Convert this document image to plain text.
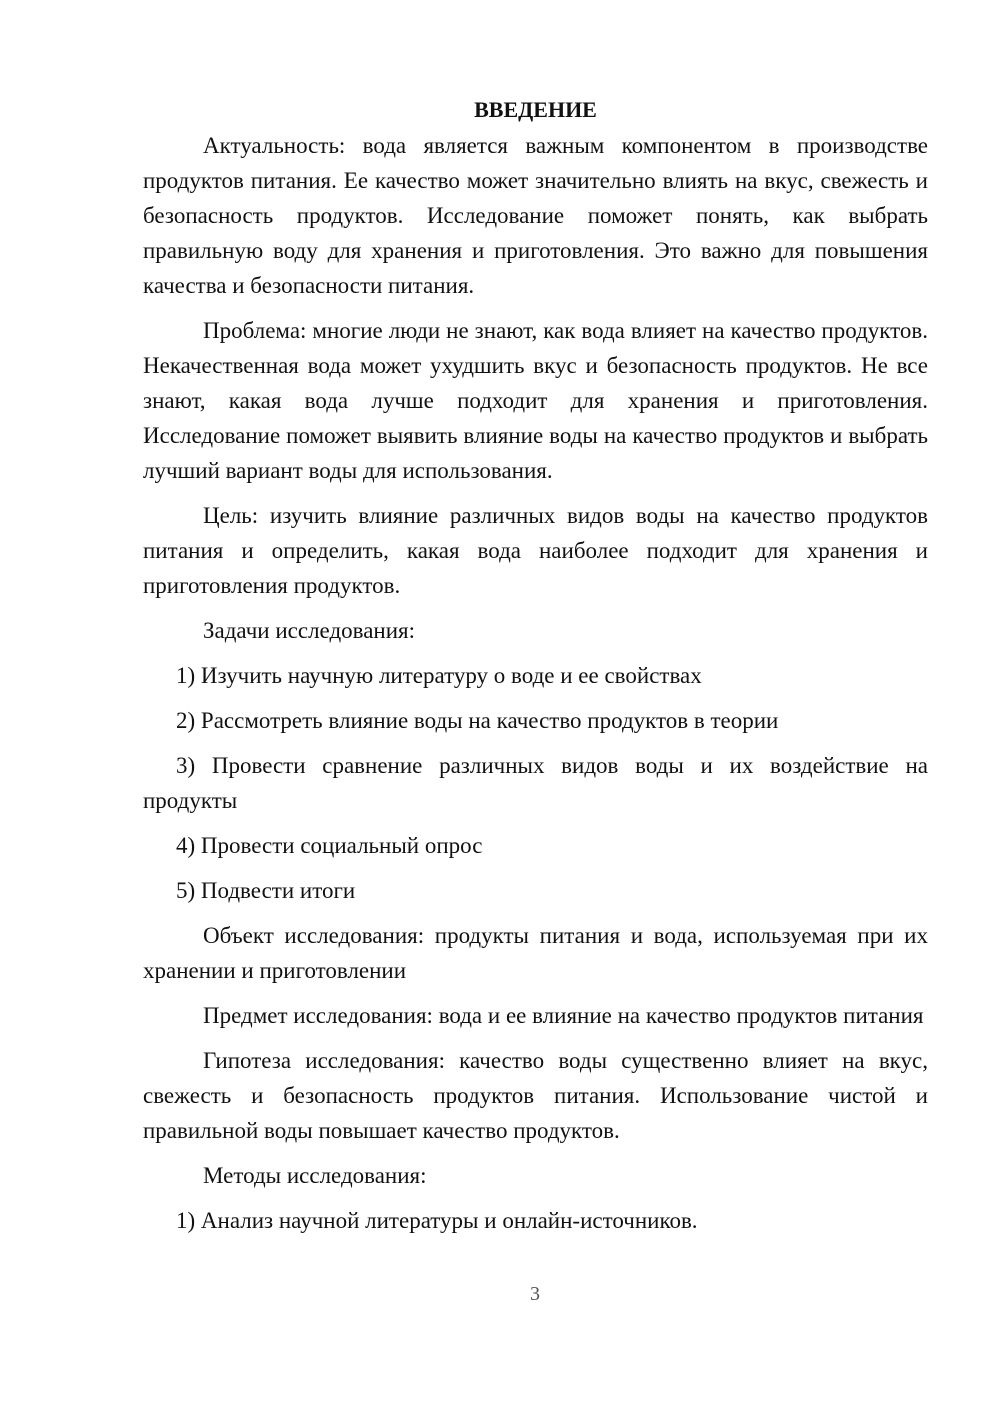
ВВЕДЕНИЕ

Актуальность: вода является важным компонентом в производстве продуктов питания. Ее качество может значительно влиять на вкус, свежесть и безопасность продуктов. Исследование поможет понять, как выбрать правильную воду для хранения и приготовления. Это важно для повышения качества и безопасности питания.

Проблема: многие люди не знают, как вода влияет на качество продуктов. Некачественная вода может ухудшить вкус и безопасность продуктов. Не все знают, какая вода лучше подходит для хранения и приготовления. Исследование поможет выявить влияние воды на качество продуктов и выбрать лучший вариант воды для использования.

Цель: изучить влияние различных видов воды на качество продуктов питания и определить, какая вода наиболее подходит для хранения и приготовления продуктов.

Задачи исследования:

1) Изучить научную литературу о воде и ее свойствах

2) Рассмотреть влияние воды на качество продуктов в теории

3) Провести сравнение различных видов воды и их воздействие на продукты

4) Провести социальный опрос

5) Подвести итоги

Объект исследования: продукты питания и вода, используемая при их хранении и приготовлении

Предмет исследования: вода и ее влияние на качество продуктов питания

Гипотеза исследования: качество воды существенно влияет на вкус, свежесть и безопасность продуктов питания. Использование чистой и правильной воды повышает качество продуктов.

Методы исследования:

1) Анализ научной литературы и онлайн-источников.

3
